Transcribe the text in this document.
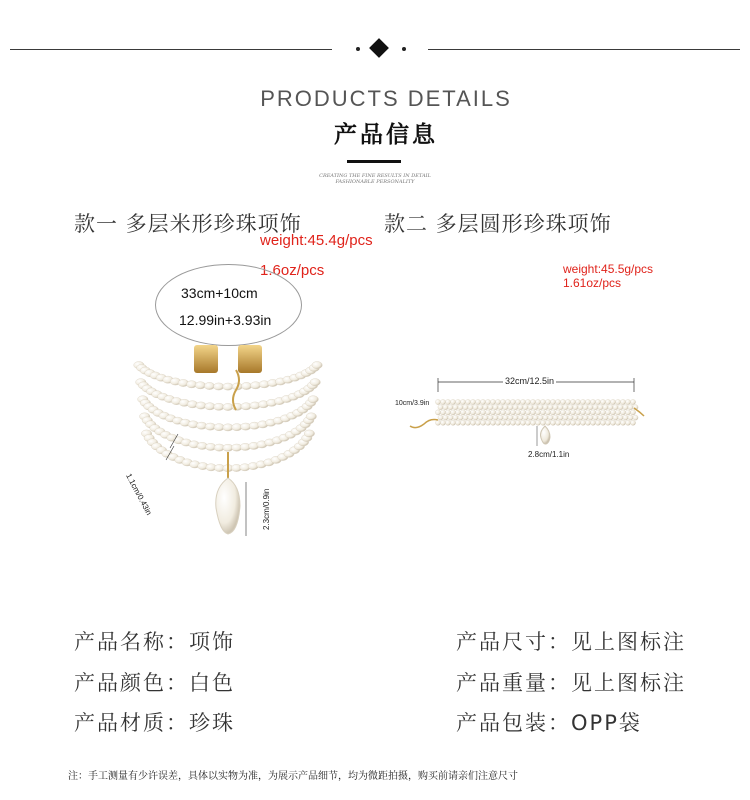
PRODUCTS DETAILS
产品信息
CREATING THE FINE RESULTS IN DETAIL FASHIONABLE PERSONALITY
款一 多层米形珍珠项饰	款二 多层圆形珍珠项饰
weight:45.4g/pcs
1.6oz/pcs	weight:45.5g/pcs
1.61oz/pcs
33cm+10cm
12.99in+3.93in
1.1cm/0.43in	2.3cm/0.9in
32cm/12.5in
10cm/3.9in
2.8cm/1.1in
产品名称：项饰
产品颜色：白色
产品材质：珍珠
产品尺寸：见上图标注
产品重量：见上图标注
产品包装：OPP袋
注：手工测量有少许误差，具体以实物为准，为展示产品细节，均为微距拍摄，购买前请亲们注意尺寸
